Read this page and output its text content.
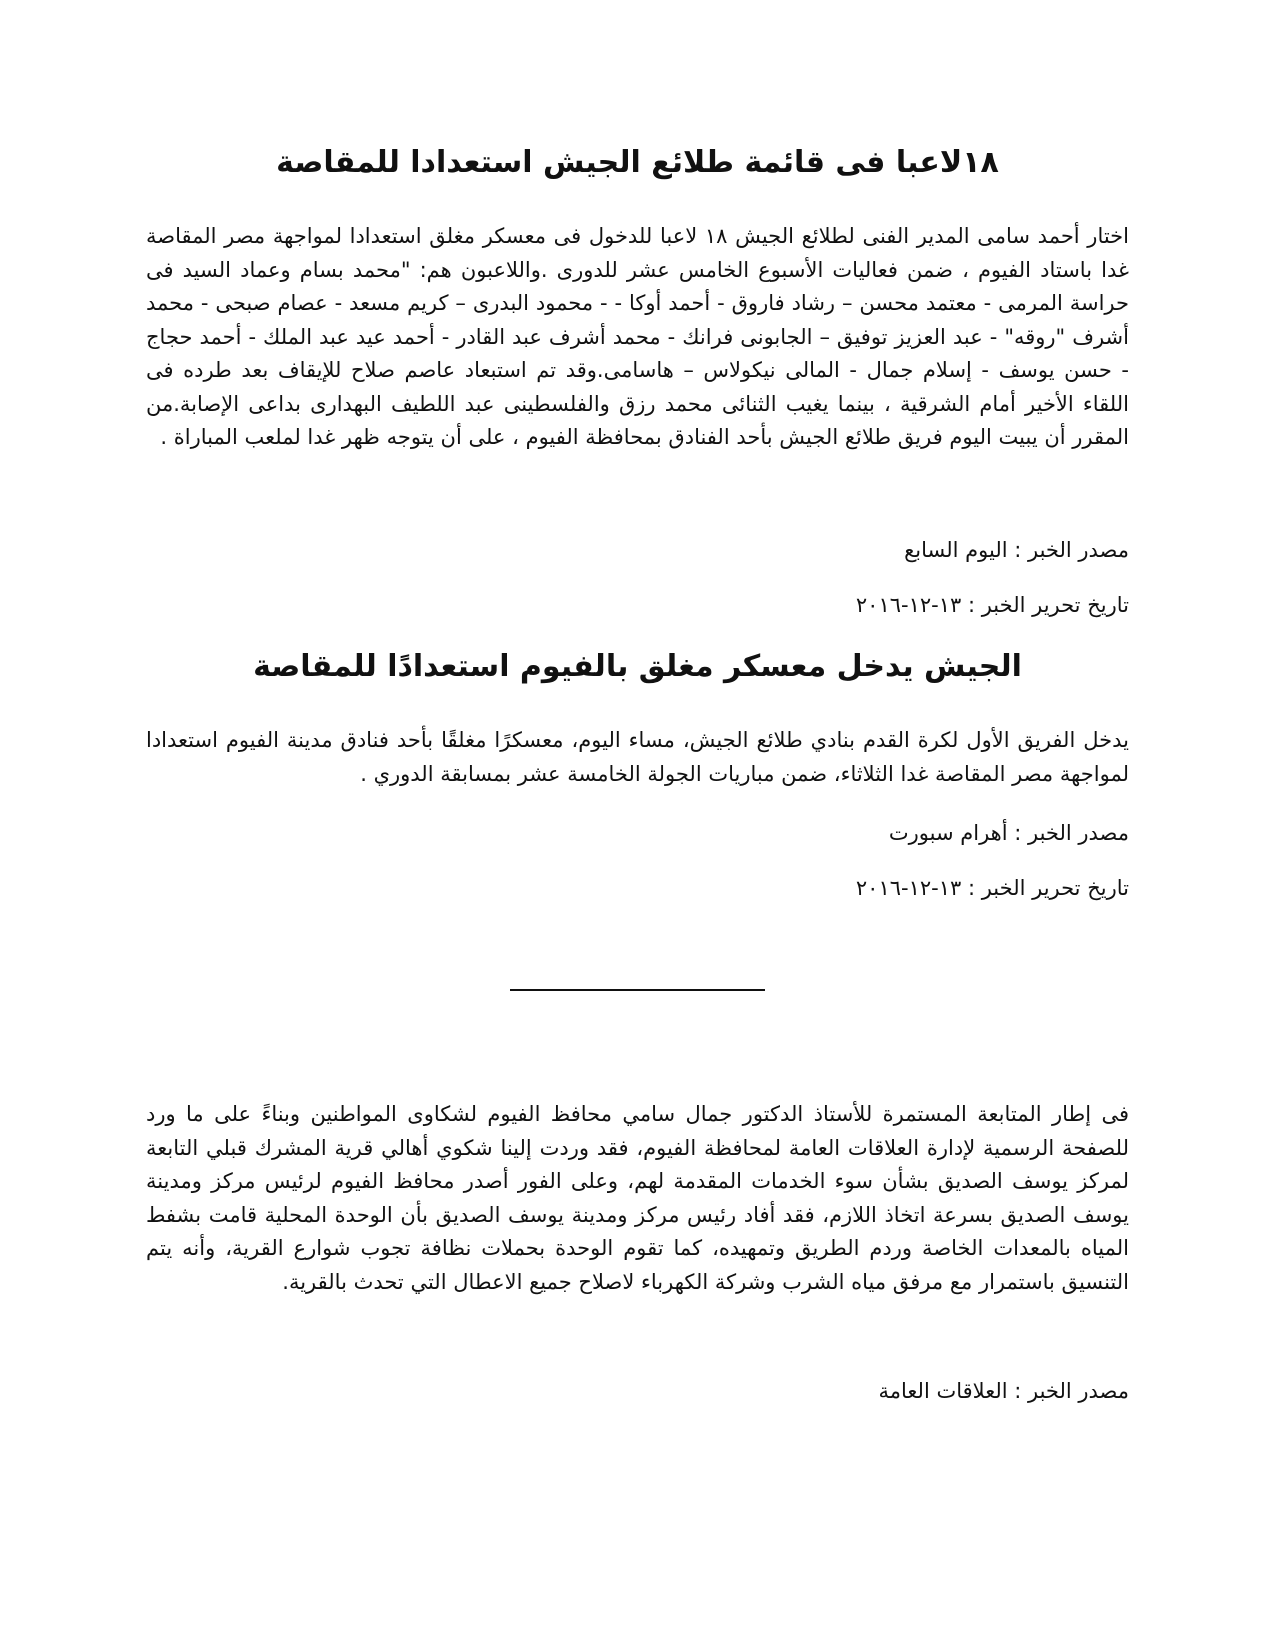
١٨لاعبا فى قائمة طلائع الجيش استعدادا للمقاصة

اختار أحمد سامى المدير الفنى لطلائع الجيش ١٨ لاعبا للدخول فى معسكر مغلق استعدادا لمواجهة مصر المقاصة غدا باستاد الفيوم ، ضمن فعاليات الأسبوع الخامس عشر للدورى .واللاعبون هم: "محمد بسام وعماد السيد فى حراسة المرمى - معتمد محسن – رشاد فاروق - أحمد أوكا - - محمود البدرى – كريم مسعد - عصام صبحى - محمد أشرف "روقه" - عبد العزيز توفيق – الجابونى فرانك - محمد أشرف عبد القادر - أحمد عيد عبد الملك - أحمد حجاج - حسن يوسف - إسلام جمال - المالى نيكولاس – هاسامى.وقد تم استبعاد عاصم صلاح للإيقاف بعد طرده فى اللقاء الأخير أمام الشرقية ، بينما يغيب الثنائى محمد رزق والفلسطينى عبد اللطيف البهدارى بداعى الإصابة.من المقرر أن يبيت اليوم فريق طلائع الجيش بأحد الفنادق بمحافظة الفيوم ، على أن يتوجه ظهر غدا لملعب المباراة .

مصدر الخبر : اليوم السابع

تاريخ تحرير الخبر : ١٣-١٢-٢٠١٦

الجيش يدخل معسكر مغلق بالفيوم استعدادًا للمقاصة

يدخل الفريق الأول لكرة القدم بنادي طلائع الجيش، مساء اليوم، معسكرًا مغلقًا بأحد فنادق مدينة الفيوم استعدادا لمواجهة مصر المقاصة غدا الثلاثاء، ضمن مباريات الجولة الخامسة عشر بمسابقة الدوري .

مصدر الخبر : أهرام سبورت

تاريخ تحرير الخبر : ١٣-١٢-٢٠١٦

فى إطار المتابعة المستمرة للأستاذ الدكتور جمال سامي محافظ الفيوم لشكاوى المواطنين وبناءً على ما ورد للصفحة الرسمية لإدارة العلاقات العامة لمحافظة الفيوم، فقد وردت إلينا شكوي أهالي قرية المشرك قبلي التابعة لمركز يوسف الصديق بشأن سوء الخدمات المقدمة لهم، وعلى الفور أصدر محافظ الفيوم لرئيس مركز ومدينة يوسف الصديق بسرعة اتخاذ اللازم، فقد أفاد رئيس مركز ومدينة يوسف الصديق بأن الوحدة المحلية قامت بشفط المياه بالمعدات الخاصة وردم الطريق وتمهيده، كما تقوم الوحدة بحملات نظافة تجوب شوارع القرية، وأنه يتم التنسيق باستمرار مع مرفق مياه الشرب وشركة الكهرباء لاصلاح جميع الاعطال التي تحدث بالقرية.

مصدر الخبر : العلاقات العامة
